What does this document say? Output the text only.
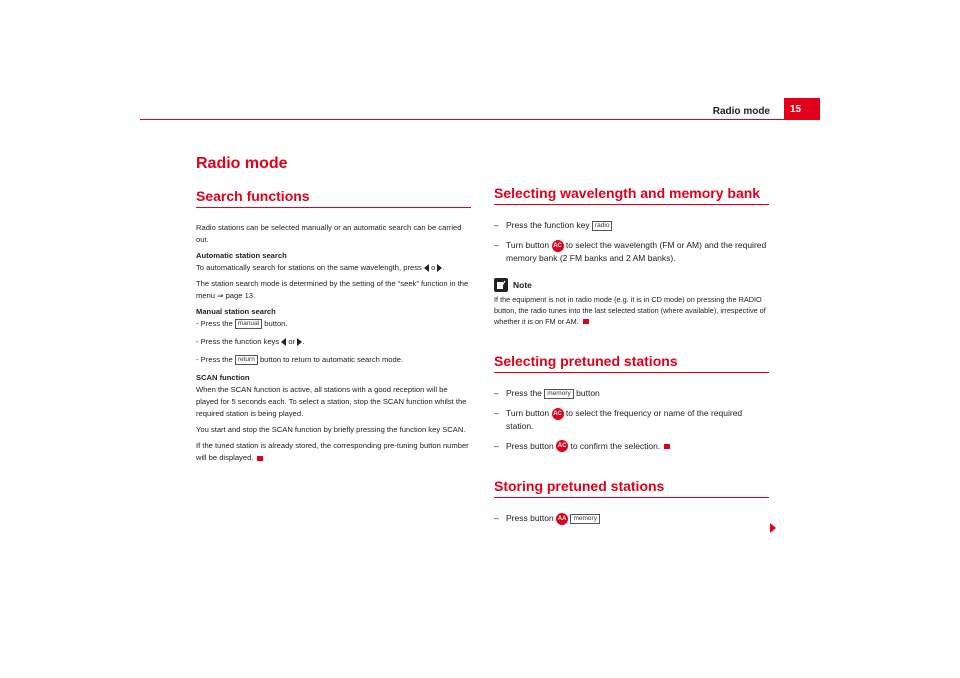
Radio mode 15
Radio mode
Search functions

Radio stations can be selected manually or an automatic search can be carried out.

Automatic station search

To automatically search for stations on the same wavelength, press o .

The station search mode is determined by the setting of the “seek” function in the menu ⇒ page 13.

Manual station search

- Press the manual button.
- Press the function keys or .
- Press the return button to return to automatic search mode.

SCAN function

When the SCAN function is active, all stations with a good reception will be played for 5 seconds each. To select a station, stop the SCAN function whilst the required station is being played.

You start and stop the SCAN function by briefly pressing the function key SCAN.

If the tuned station is already stored, the corresponding pre-tuning button number will be displayed.

Selecting wavelength and memory bank
– Press the function key radio
– Turn button AC to select the wavelength (FM or AM) and the required memory bank (2 FM banks and 2 AM banks).
Note

If the equipment is not in radio mode (e.g. it is in CD mode) on pressing the RADIO button, the radio tunes into the last selected station (where available), irrespective of whether it is on FM or AM.

Selecting pretuned stations
– Press the memory button
– Turn button AC to select the frequency or name of the required station.
– Press button AC to confirm the selection.
Storing pretuned stations
– Press button AA memory
